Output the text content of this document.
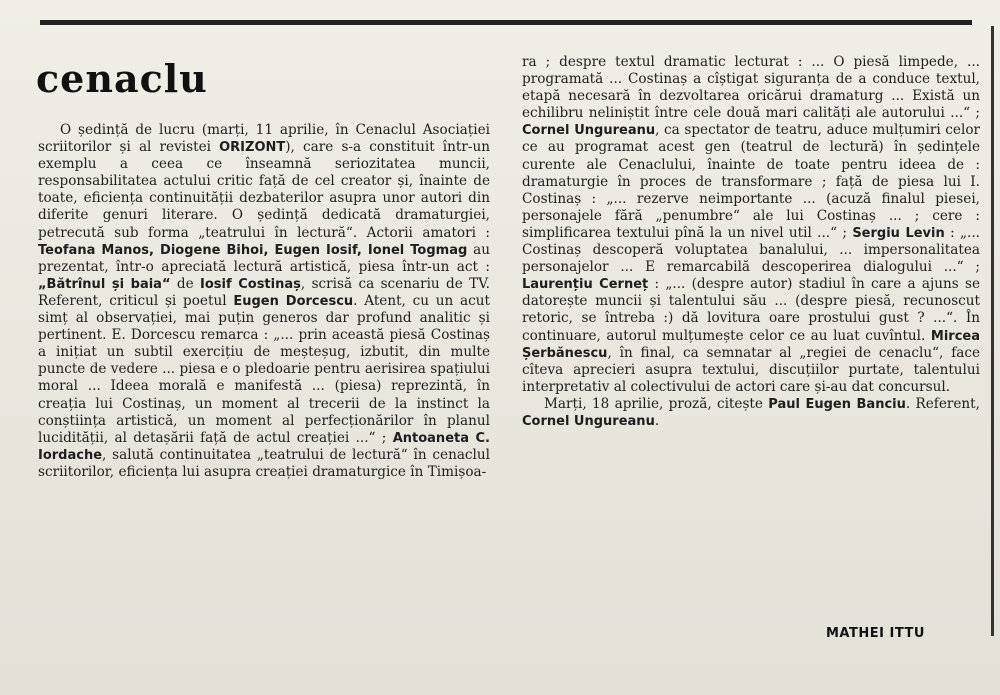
cenaclu

O ședință de lucru (marți, 11 aprilie, în Cenaclul Asociației scriitorilor și al revistei ORIZONT), care s-a constituit într-un exemplu a ceea ce înseamnă seriozitatea muncii, responsabilitatea actului critic față de cel creator și, înainte de toate, eficiența continuității dezbaterilor asupra unor autori din diferite genuri literare. O ședință dedicată dramaturgiei, petrecută sub forma „teatrului în lectură“. Actorii amatori : Teofana Manos, Diogene Bihoi, Eugen Iosif, Ionel Togmag au prezentat, într-o apreciată lectură artistică, piesa într-un act : „Bătrînul și baia“ de Iosif Costinaș, scrisă ca scenariu de TV. Referent, criticul și poetul Eugen Dorcescu. Atent, cu un acut simț al observației, mai puțin generos dar profund analitic și pertinent. E. Dorcescu remarca : „... prin această piesă Costinaș a inițiat un subtil exercițiu de meșteșug, izbutit, din multe puncte de vedere ... piesa e o pledoarie pentru aerisirea spațiului moral ... Ideea morală e manifestă ... (piesa) reprezintă, în creația lui Costinaș, un moment al trecerii de la instinct la conștiința artistică, un moment al perfecționărilor în planul lucidității, al detașării față de actul creației ...“ ; Antoaneta C. Iordache, salută continuitatea „teatrului de lectură“ în cenaclul scriitorilor, eficiența lui asupra creației dramaturgice în Timișoa-

ra ; despre textul dramatic lecturat : ... O piesă limpede, ... programată ... Costinaș a cîștigat siguranța de a conduce textul, etapă necesară în dezvoltarea oricărui dramaturg ... Există un echilibru neliniștit între cele două mari calități ale autorului ...“ ; Cornel Ungureanu, ca spectator de teatru, aduce mulțumiri celor ce au programat acest gen (teatrul de lectură) în ședințele curente ale Cenaclului, înainte de toate pentru ideea de : dramaturgie în proces de transformare ; față de piesa lui I. Costinaș : „... rezerve neimportante ... (acuză finalul piesei, personajele fără „penumbre“ ale lui Costinaș ... ; cere : simplificarea textului pînă la un nivel util ...“ ; Sergiu Levin : „... Costinaș descoperă voluptatea banalului, ... impersonalitatea personajelor ... E remarcabilă descoperirea dialogului ...“ ; Laurențiu Cerneț : „... (despre autor) stadiul în care a ajuns se datorește muncii și talentului său ... (despre piesă, recunoscut retoric, se întreba :) dă lovitura oare prostului gust ? ...“. În continuare, autorul mulțumește celor ce au luat cuvîntul. Mircea Șerbănescu, în final, ca semnatar al „regiei de cenaclu“, face cîteva aprecieri asupra textului, discuțiilor purtate, talentului interpretativ al colectivului de actori care și-au dat concursul.

Marți, 18 aprilie, proză, citește Paul Eugen Banciu. Referent, Cornel Ungureanu.

MATHEI ITTU
